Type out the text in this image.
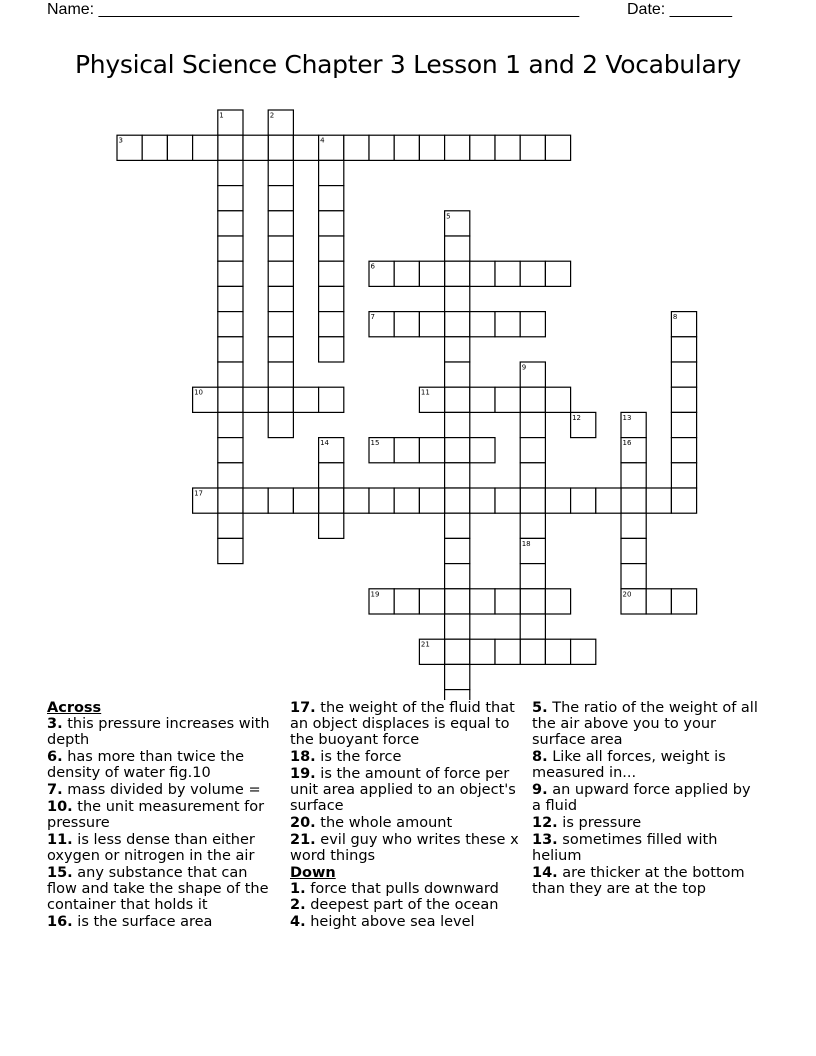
Name: ______________________________________________________	Date: _______
Physical Science Chapter 3 Lesson 1 and 2 Vocabulary
1	2
3	4
5
6
7	8
9
10	11
12	13
14	15	16
17
18
19	20
21
Across
3. this pressure increases with depth
6. has more than twice the density of water fig.10
7. mass divided by volume =
10. the unit measurement for pressure
11. is less dense than either oxygen or nitrogen in the air
15. any substance that can flow and take the shape of the container that holds it
16. is the surface area
17. the weight of the fluid that an object displaces is equal to the buoyant force
18. is the force
19. is the amount of force per unit area applied to an object's surface
20. the whole amount
21. evil guy who writes these x word things
Down
1. force that pulls downward
2. deepest part of the ocean
4. height above sea level
5. The ratio of the weight of all the air above you to your surface area
8. Like all forces, weight is measured in...
9. an upward force applied by a fluid
12. is pressure
13. sometimes filled with helium
14. are thicker at the bottom than they are at the top
